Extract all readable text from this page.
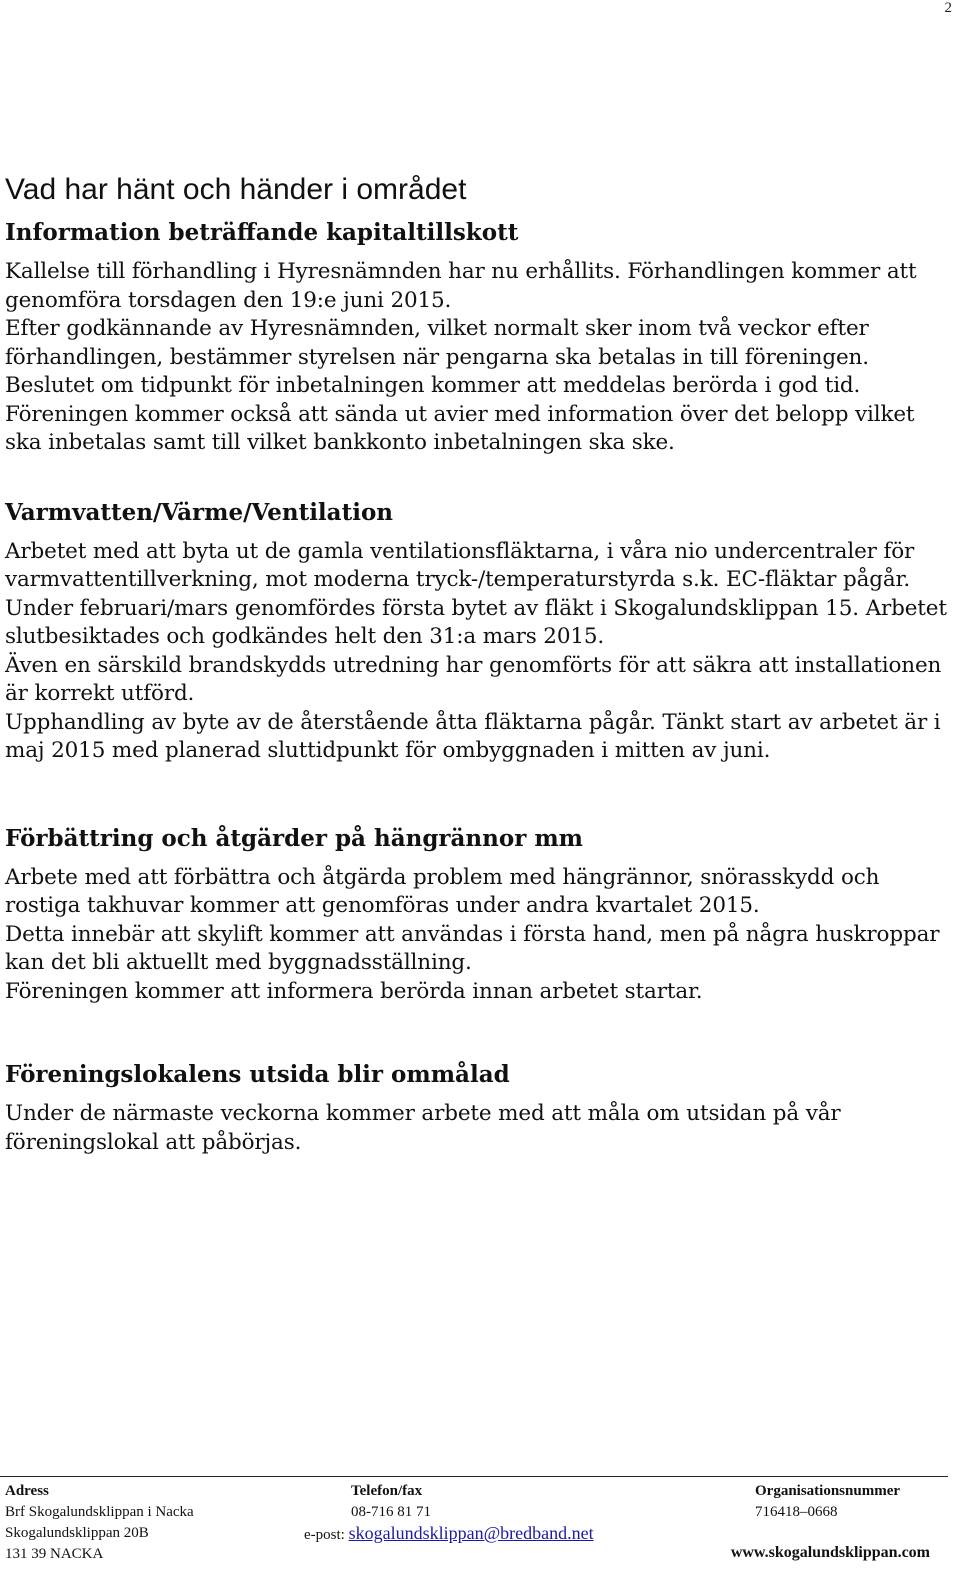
2
Vad har hänt och händer i området
Information beträffande kapitaltillskott

Kallelse till förhandling i Hyresnämnden har nu erhållits. Förhandlingen kommer att genomföra torsdagen den 19:e juni 2015.

Efter godkännande av Hyresnämnden, vilket normalt sker inom två veckor efter förhandlingen, bestämmer styrelsen när pengarna ska betalas in till föreningen.

Beslutet om tidpunkt för inbetalningen kommer att meddelas berörda i god tid. Föreningen kommer också att sända ut avier med information över det belopp vilket ska inbetalas samt till vilket bankkonto inbetalningen ska ske.

Varmvatten/Värme/Ventilation

Arbetet med att byta ut de gamla ventilationsfläktarna, i våra nio undercentraler för varmvattentillverkning, mot moderna tryck-/temperaturstyrda s.k. EC-fläktar pågår.

Under februari/mars genomfördes första bytet av fläkt i Skogalundsklippan 15. Arbetet slutbesiktades och godkändes helt den 31:a mars 2015.

Även en särskild brandskydds utredning har genomförts för att säkra att installationen är korrekt utförd.

Upphandling av byte av de återstående åtta fläktarna pågår. Tänkt start av arbetet är i maj 2015 med planerad sluttidpunkt för ombyggnaden i mitten av juni.

Förbättring och åtgärder på hängrännor mm

Arbete med att förbättra och åtgärda problem med hängrännor, snörasskydd och rostiga takhuvar kommer att genomföras under andra kvartalet 2015.

Detta innebär att skylift kommer att användas i första hand, men på några huskroppar kan det bli aktuellt med byggnadsställning.

Föreningen kommer att informera berörda innan arbetet startar.

Föreningslokalens utsida blir ommålad

Under de närmaste veckorna kommer arbete med att måla om utsidan på vår föreningslokal att påbörjas.

Adress
Brf Skogalundsklippan i Nacka
Skogalundsklippan 20B
131 39 NACKA
Telefon/fax
08-716 81 71
e-post: skogalundsklippan@bredband.net
Organisationsnummer
716418–0668
www.skogalundsklippan.com
